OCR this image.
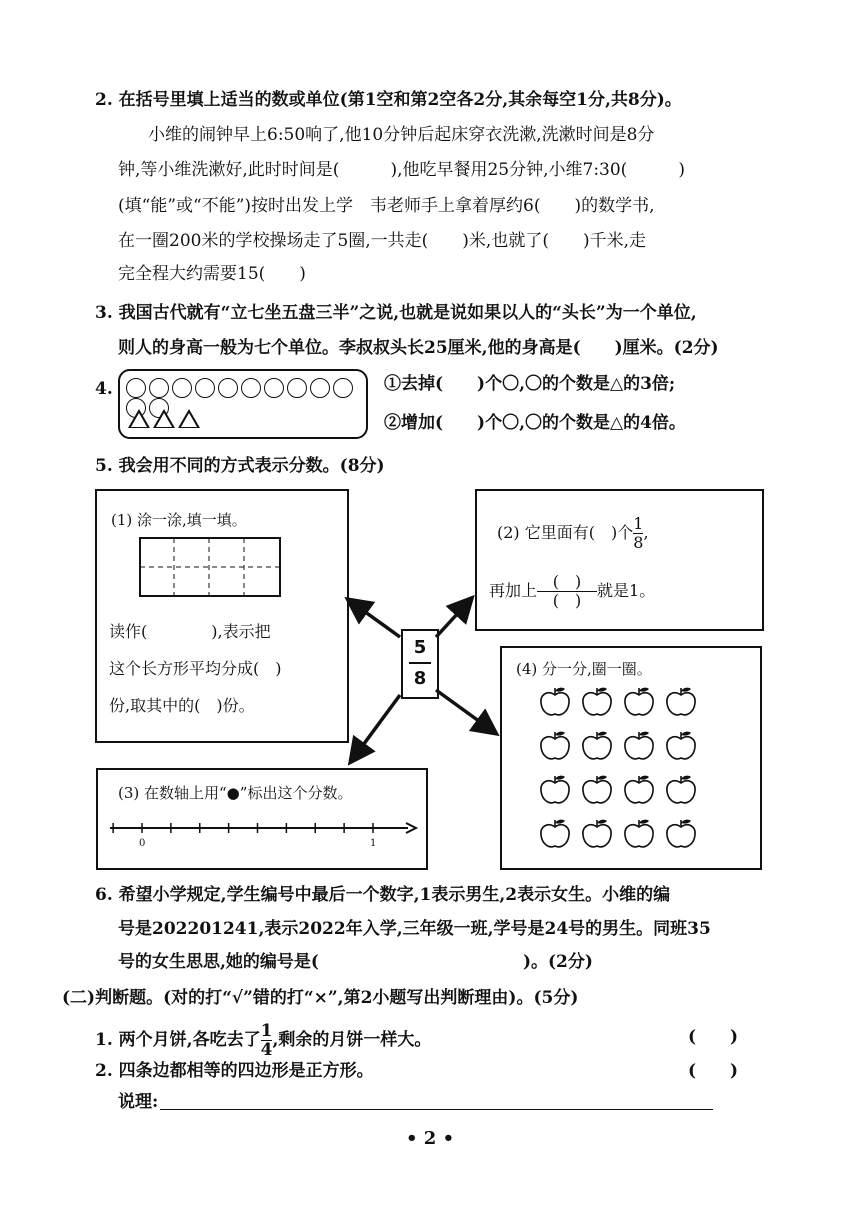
2. 在括号里填上适当的数或单位(第1空和第2空各2分,其余每空1分,共8分)。
小维的闹钟早上6:50响了,他10分钟后起床穿衣洗漱,洗漱时间是8分
钟,等小维洗漱好,此时时间是(　　　),他吃早餐用25分钟,小维7:30(　　　)
(填“能”或“不能”)按时出发上学　韦老师手上拿着厚约6(　　)的数学书,
在一圈200米的学校操场走了5圈,一共走(　　)米,也就了(　　)千米,走
完全程大约需要15(　　)
3. 我国古代就有“立七坐五盘三半”之说,也就是说如果以人的“头长”为一个单位,
则人的身高一般为七个单位。李叔叔头长25厘米,他的身高是(　　)厘米。(2分)
4.	①去掉(　　)个〇,〇的个数是△的3倍;
②增加(　　)个〇,〇的个数是△的4倍。
5. 我会用不同的方式表示分数。(8分)
(1) 涂一涂,填一填。
读作(　　　　),表示把
这个长方形平均分成(　)
份,取其中的(　)份。
(2) 它里面有(　)个 $\frac{1}{8}$ ,
再加上 $\frac{( )}{( )}$ 就是1。
$\frac{5}{8}$
(3) 在数轴上用“●”标出这个分数。
0	1
(4) 分一分,圈一圈。
6. 希望小学规定,学生编号中最后一个数字,1表示男生,2表示女生。小维的编
号是202201241,表示2022年入学,三年级一班,学号是24号的男生。同班35
号的女生思思,她的编号是(　　　　　　　　　　　　)。(2分)
(二)判断题。(对的打“√”错的打“×”,第2小题写出判断理由)。(5分)
1. 两个月饼,各吃去了 $\frac{1}{4}$ ,剩余的月饼一样大。	(　　)
2. 四条边都相等的四边形是正方形。	(　　)
说理:
• 2 •
